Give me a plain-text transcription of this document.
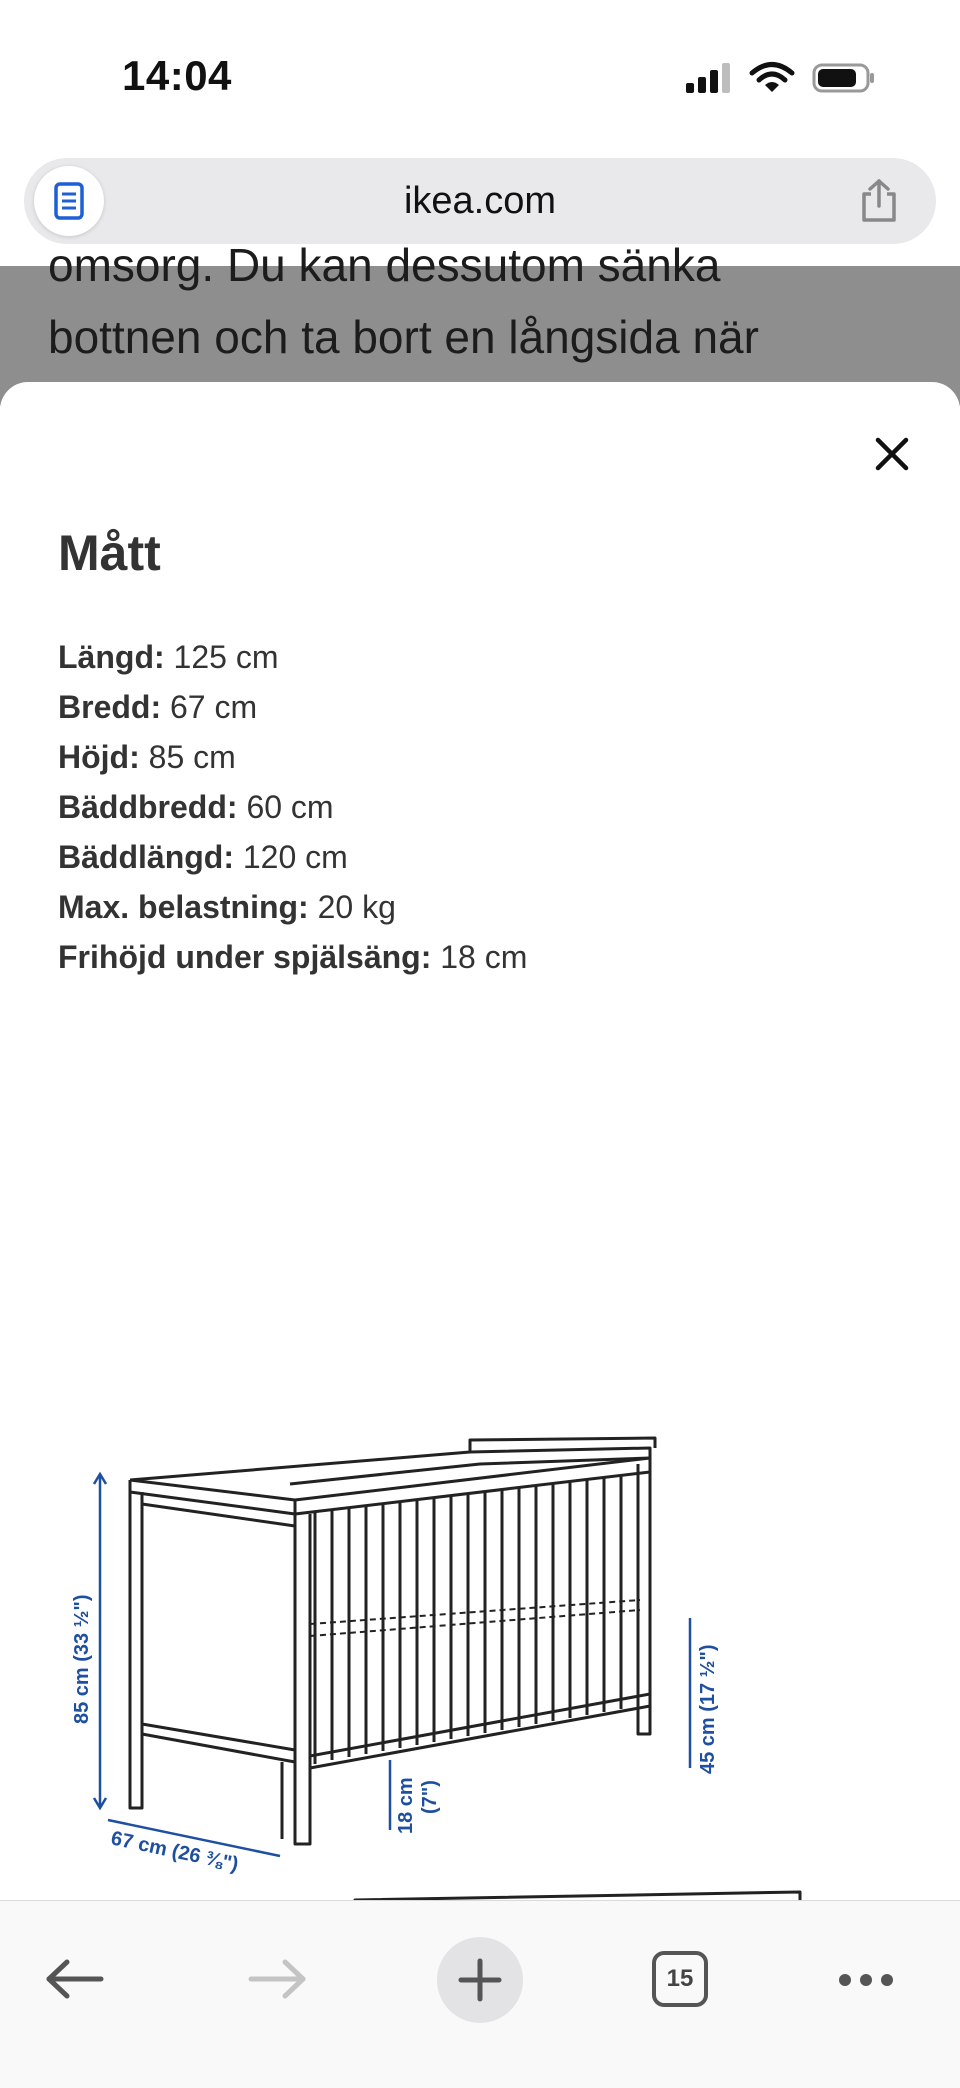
14:04
ikea.com
omsorg. Du kan dessutom sänka
bottnen och ta bort en långsida när
Mått
Längd: 125 cm
Bredd: 67 cm
Höjd: 85 cm
Bäddbredd: 60 cm
Bäddlängd: 120 cm
Max. belastning: 20 kg
Frihöjd under spjälsäng: 18 cm
85 cm (33 ½")
67 cm (26 ⅜")
18 cm (7")
45 cm (17 ½")
15
